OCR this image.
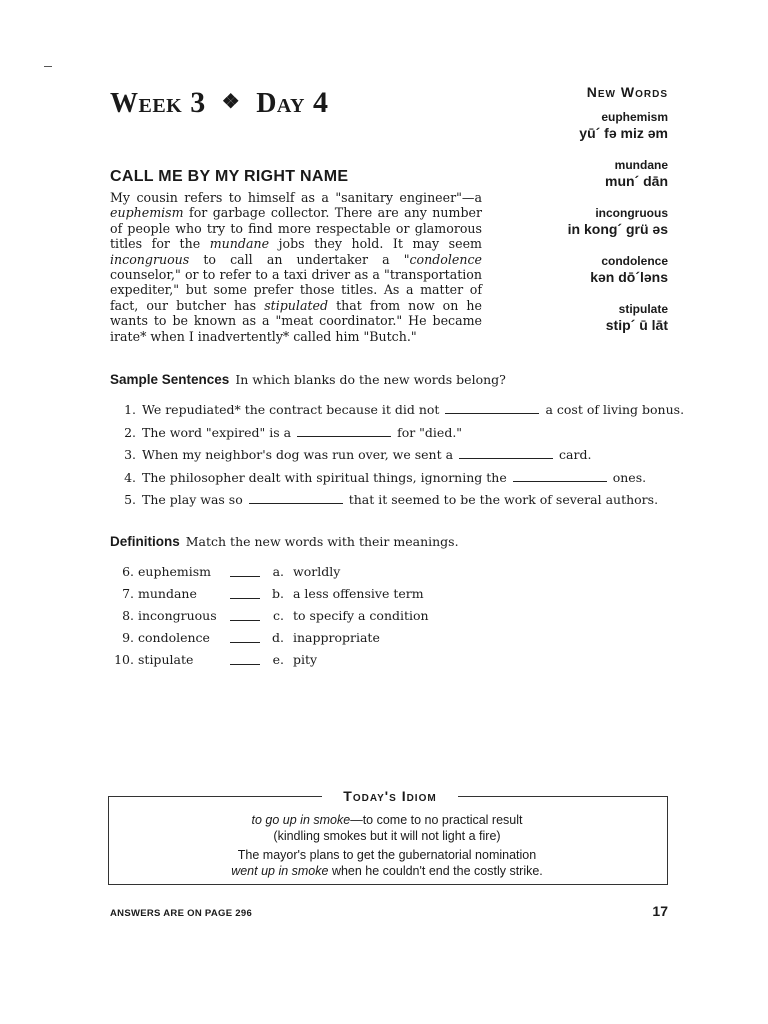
Week 3 ❖ Day 4	New Words
euphemism
yū´ fə miz əm
mundane
mun´ dān
incongruous
in kong´ grü əs
condolence
kən dō´ləns
stipulate
stip´ ū lāt
CALL ME BY MY RIGHT NAME
My cousin refers to himself as a "sanitary engineer"—a euphemism for garbage collector. There are any number of people who try to find more respectable or glamorous titles for the mundane jobs they hold. It may seem incongruous to call an undertaker a "condolence counselor," or to refer to a taxi driver as a "transportation expediter," but some prefer those titles. As a matter of fact, our butcher has stipulated that from now on he wants to be known as a "meat coordinator." He became irate* when I inadvertently* called him "Butch."
Sample Sentences In which blanks do the new words belong?
1. We repudiated* the contract because it did not	a cost of living bonus.
2. The word "expired" is a	for "died."
3. When my neighbor's dog was run over, we sent a	card.
4. The philosopher dealt with spiritual things, ignorning the	ones.
5. The play was so	that it seemed to be the work of several authors.
Definitions Match the new words with their meanings.
6. euphemism	a. worldly
7. mundane	b. a less offensive term
8. incongruous	c. to specify a condition
9. condolence	d. inappropriate
10. stipulate	e. pity
Today's Idiom
to go up in smoke—to come to no practical result
(kindling smokes but it will not light a fire)
The mayor's plans to get the gubernatorial nomination
went up in smoke when he couldn't end the costly strike.
ANSWERS ARE ON PAGE 296	17
